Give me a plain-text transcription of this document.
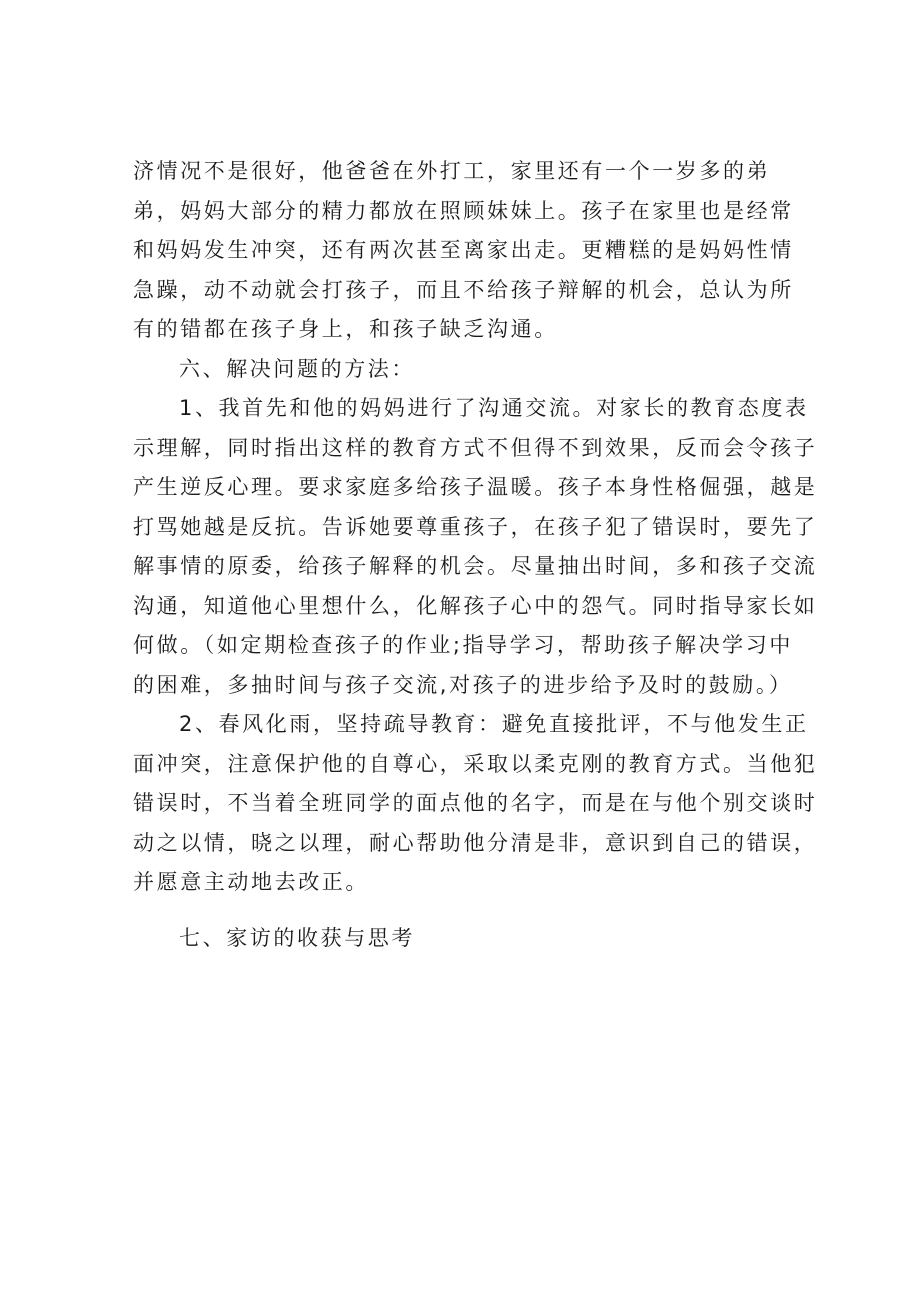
济情况不是很好，他爸爸在外打工，家里还有一个一岁多的弟
弟，妈妈大部分的精力都放在照顾妹妹上。孩子在家里也是经常
和妈妈发生冲突，还有两次甚至离家出走。更糟糕的是妈妈性情
急躁，动不动就会打孩子，而且不给孩子辩解的机会，总认为所
有的错都在孩子身上，和孩子缺乏沟通。
六、解决问题的方法：
1、我首先和他的妈妈进行了沟通交流。对家长的教育态度表
示理解，同时指出这样的教育方式不但得不到效果，反而会令孩子
产生逆反心理。要求家庭多给孩子温暖。孩子本身性格倔强，越是
打骂她越是反抗。告诉她要尊重孩子，在孩子犯了错误时，要先了
解事情的原委，给孩子解释的机会。尽量抽出时间，多和孩子交流
沟通，知道他心里想什么，化解孩子心中的怨气。同时指导家长如
何做。（如定期检查孩子的作业;指导学习，帮助孩子解决学习中
的困难，多抽时间与孩子交流,对孩子的进步给予及时的鼓励。）
2、春风化雨，坚持疏导教育：避免直接批评，不与他发生正
面冲突，注意保护他的自尊心，采取以柔克刚的教育方式。当他犯
错误时，不当着全班同学的面点他的名字，而是在与他个别交谈时
动之以情，晓之以理，耐心帮助他分清是非，意识到自己的错误，
并愿意主动地去改正。
七、家访的收获与思考
